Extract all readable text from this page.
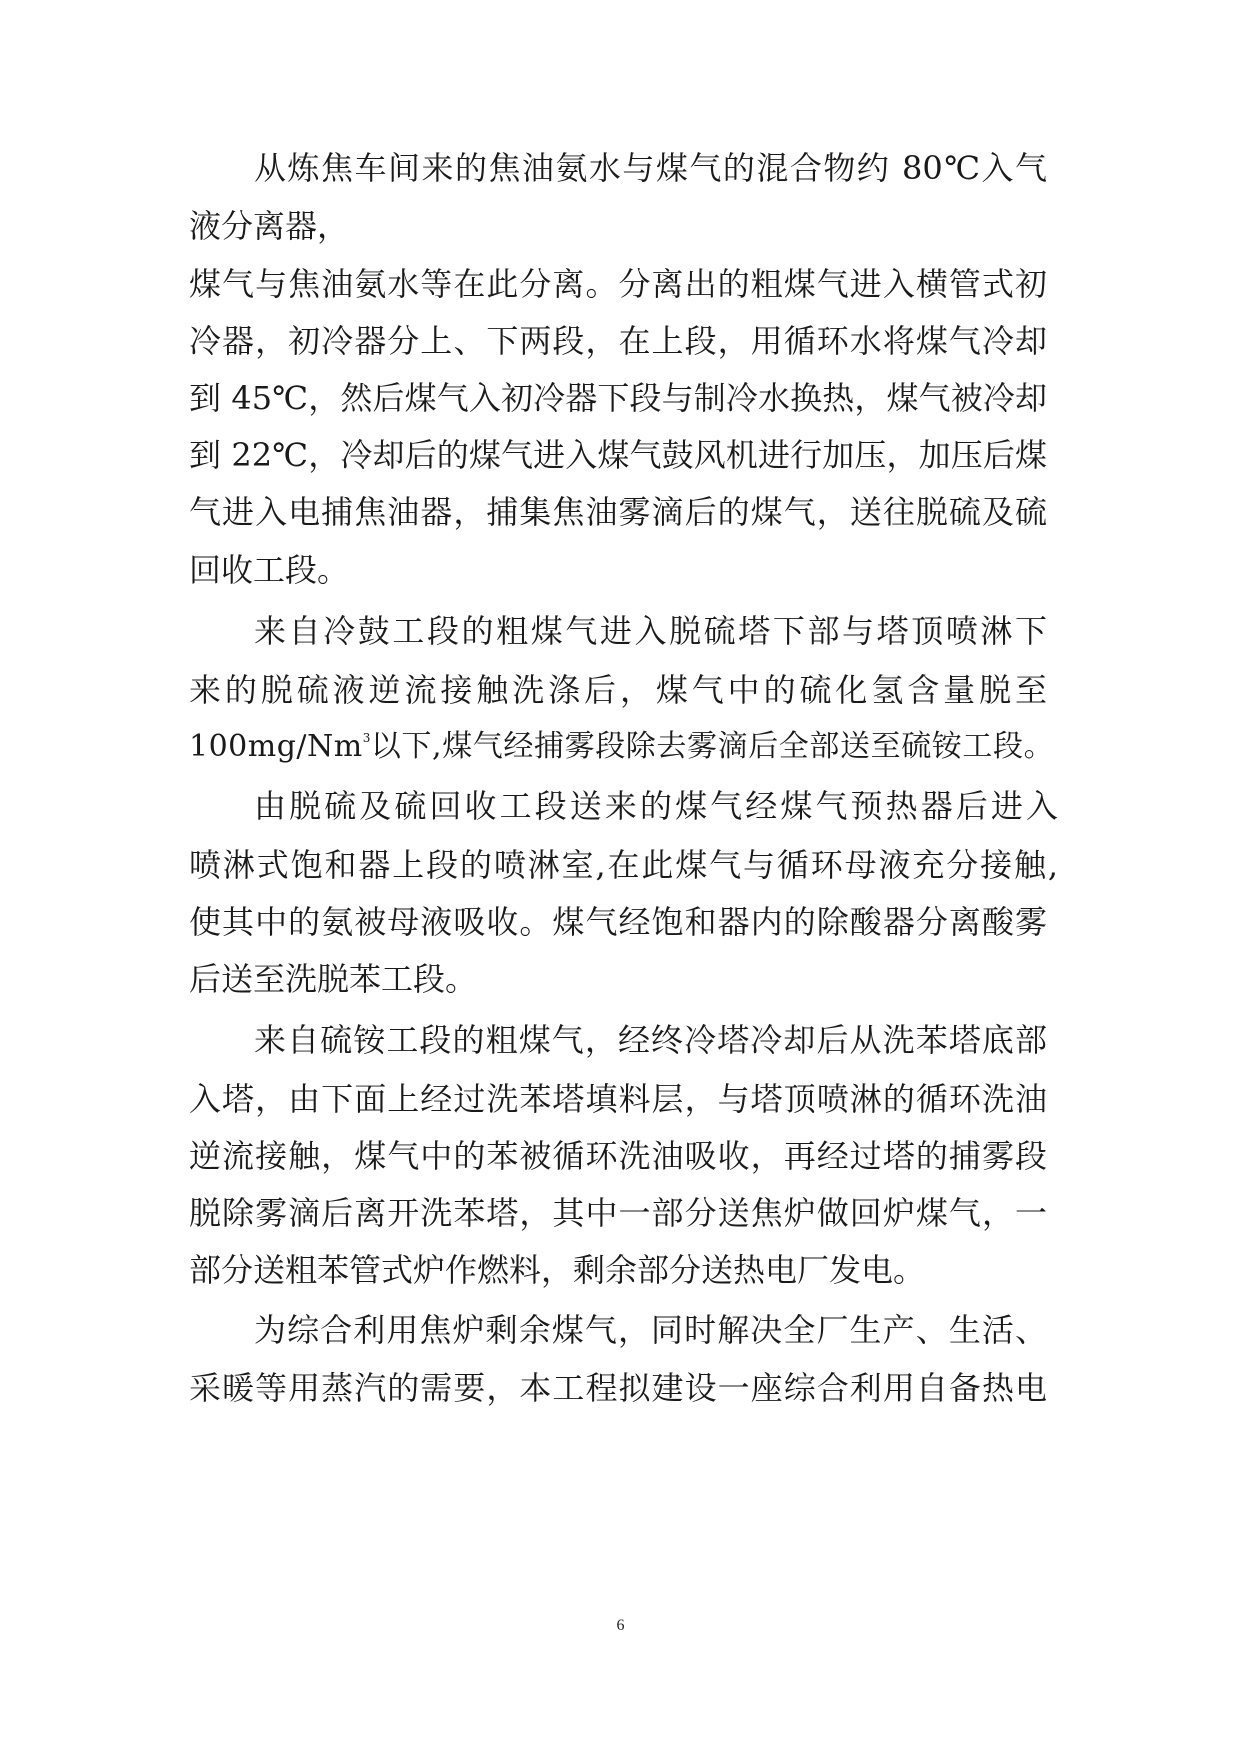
从炼焦车间来的焦油氨水与煤气的混合物约 80℃入气
液分离器，
煤气与焦油氨水等在此分离。分离出的粗煤气进入横管式初
冷器，初冷器分上、下两段，在上段，用循环水将煤气冷却
到 45℃，然后煤气入初冷器下段与制冷水换热，煤气被冷却
到 22℃，冷却后的煤气进入煤气鼓风机进行加压，加压后煤
气进入电捕焦油器，捕集焦油雾滴后的煤气，送往脱硫及硫
回收工段。
来自冷鼓工段的粗煤气进入脱硫塔下部与塔顶喷淋下
来的脱硫液逆流接触洗涤后，煤气中的硫化氢含量脱至
100mg/Nm$^3$以下,煤气经捕雾段除去雾滴后全部送至硫铵工段。
由脱硫及硫回收工段送来的煤气经煤气预热器后进入
喷淋式饱和器上段的喷淋室,在此煤气与循环母液充分接触,
使其中的氨被母液吸收。煤气经饱和器内的除酸器分离酸雾
后送至洗脱苯工段。
来自硫铵工段的粗煤气，经终冷塔冷却后从洗苯塔底部
入塔，由下面上经过洗苯塔填料层，与塔顶喷淋的循环洗油
逆流接触，煤气中的苯被循环洗油吸收，再经过塔的捕雾段
脱除雾滴后离开洗苯塔，其中一部分送焦炉做回炉煤气，一
部分送粗苯管式炉作燃料，剩余部分送热电厂发电。
为综合利用焦炉剩余煤气，同时解决全厂生产、生活、
采暖等用蒸汽的需要，本工程拟建设一座综合利用自备热电
6
